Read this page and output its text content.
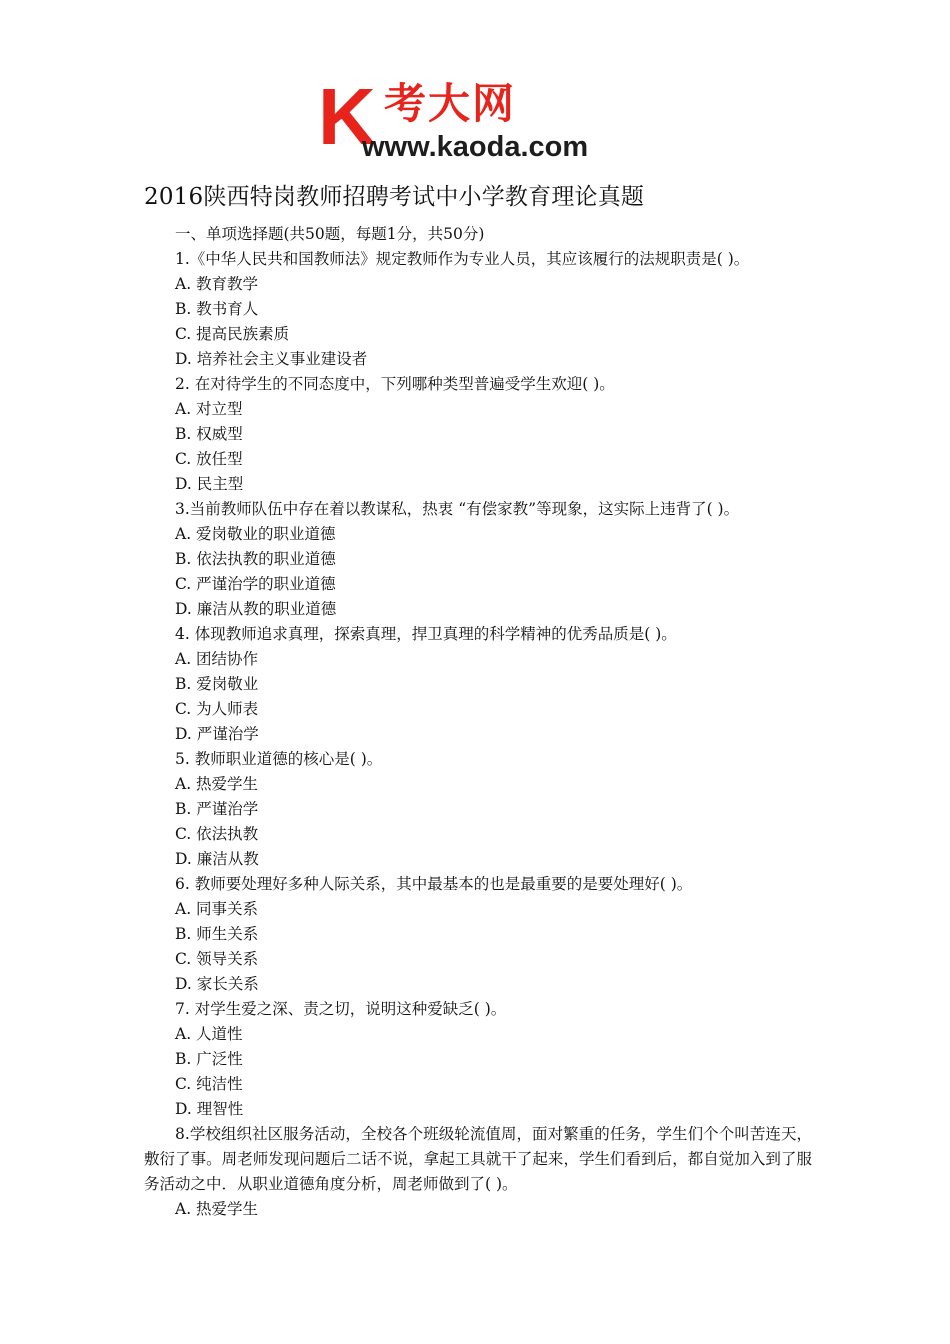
K 考大网
www.kaoda.com
2016陕西特岗教师招聘考试中小学教育理论真题
一、单项选择题(共50题，每题1分，共50分)
1.《中华人民共和国教师法》规定教师作为专业人员，其应该履行的法规职责是( )。
A. 教育教学
B. 教书育人
C. 提高民族素质
D. 培养社会主义事业建设者
2. 在对待学生的不同态度中，下列哪种类型普遍受学生欢迎( )。
A. 对立型
B. 权威型
C. 放任型
D. 民主型
3.当前教师队伍中存在着以教谋私，热衷 “有偿家教”等现象，这实际上违背了( )。
A. 爱岗敬业的职业道德
B. 依法执教的职业道德
C. 严谨治学的职业道德
D. 廉洁从教的职业道德
4. 体现教师追求真理，探索真理，捍卫真理的科学精神的优秀品质是( )。
A. 团结协作
B. 爱岗敬业
C. 为人师表
D. 严谨治学
5. 教师职业道德的核心是( )。
A. 热爱学生
B. 严谨治学
C. 依法执教
D. 廉洁从教
6. 教师要处理好多种人际关系，其中最基本的也是最重要的是要处理好( )。
A. 同事关系
B. 师生关系
C. 领导关系
D. 家长关系
7. 对学生爱之深、责之切，说明这种爱缺乏( )。
A. 人道性
B. 广泛性
C. 纯洁性
D. 理智性
8.学校组织社区服务活动，全校各个班级轮流值周，面对繁重的任务，学生们个个叫苦连天，敷衍了事。周老师发现问题后二话不说，拿起工具就干了起来，学生们看到后，都自觉加入到了服务活动之中．从职业道德角度分析，周老师做到了( )。
A. 热爱学生
